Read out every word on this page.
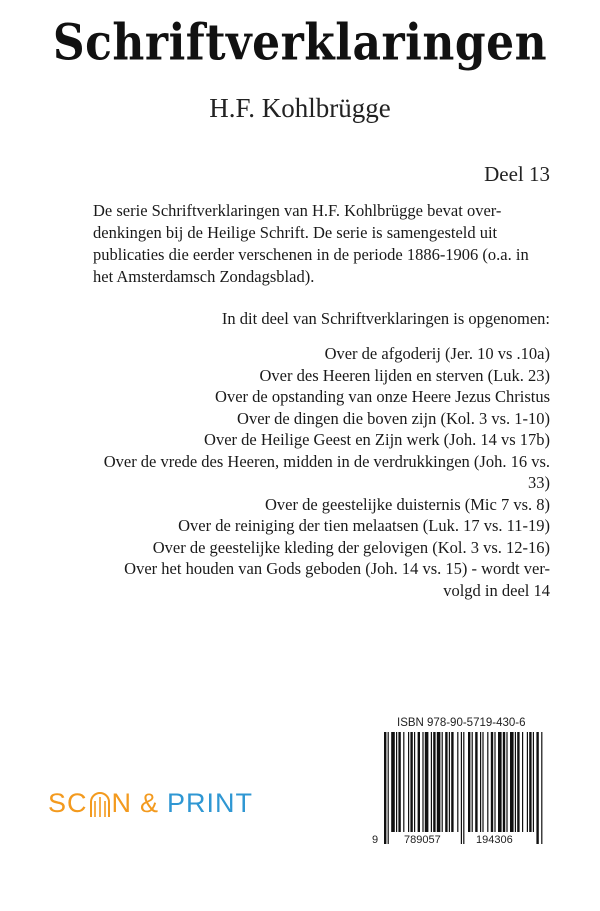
Schriftverklaringen
H.F. Kohlbrügge
Deel 13
De serie Schriftverklaringen van H.F. Kohlbrügge bevat over-
denkingen bij de Heilige Schrift. De serie is samengesteld uit
publicaties die eerder verschenen in de periode 1886-1906 (o.a. in
het Amsterdamsch Zondagsblad).
In dit deel van Schriftverklaringen is opgenomen:
Over de afgoderij (Jer. 10 vs .10a)
Over des Heeren lijden en sterven (Luk. 23)
Over de opstanding van onze Heere Jezus Christus
Over de dingen die boven zijn (Kol. 3 vs. 1-10)
Over de Heilige Geest en Zijn werk (Joh. 14 vs 17b)
Over de vrede des Heeren, midden in de verdrukkingen (Joh. 16 vs.
33)
Over de geestelijke duisternis (Mic 7 vs. 8)
Over de reiniging der tien melaatsen (Luk. 17 vs. 11-19)
Over de geestelijke kleding der gelovigen (Kol. 3 vs. 12-16)
Over het houden van Gods geboden (Joh. 14 vs. 15) - wordt ver-
volgd in deel 14
ISBN 978-90-5719-430-6
9 789057	194306
SC N & PRINT
